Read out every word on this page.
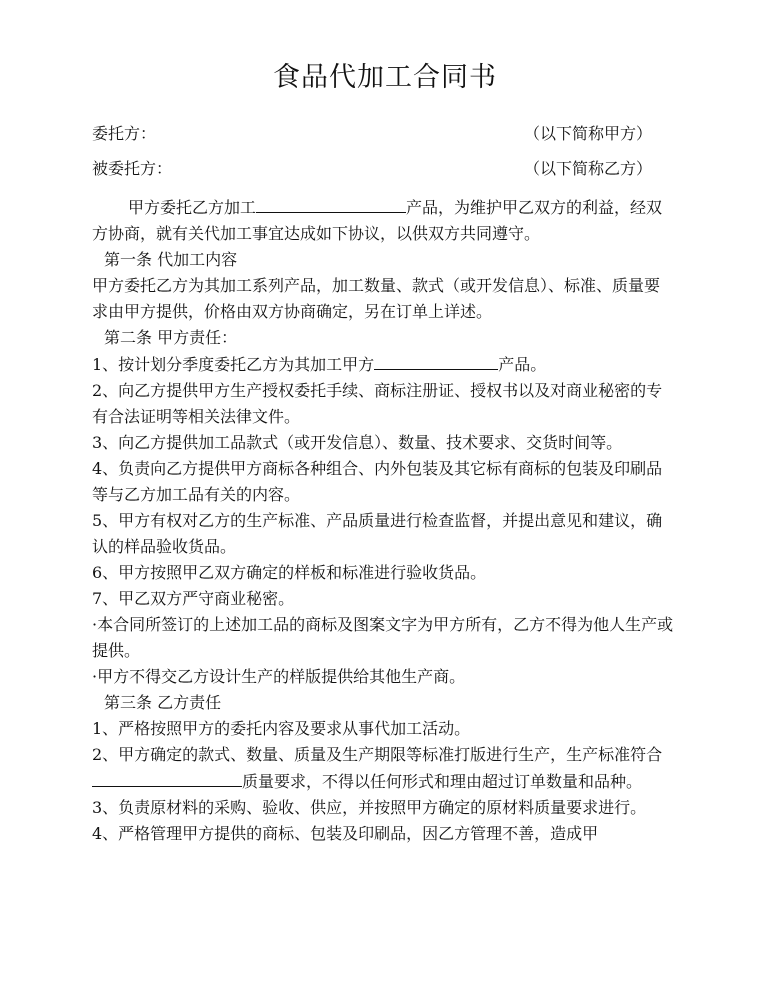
食品代加工合同书
委托方：	（以下简称甲方）
被委托方：	（以下简称乙方）

甲方委托乙方加工	产品，为维护甲乙双方的利益，经双方协商，就有关代加工事宜达成如下协议，以供双方共同遵守。

第一条 代加工内容

甲方委托乙方为其加工系列产品，加工数量、款式（或开发信息）、标准、质量要求由甲方提供，价格由双方协商确定，另在订单上详述。

第二条 甲方责任：

1、按计划分季度委托乙方为其加工甲方	产品。

2、向乙方提供甲方生产授权委托手续、商标注册证、授权书以及对商业秘密的专有合法证明等相关法律文件。

3、向乙方提供加工品款式（或开发信息）、数量、技术要求、交货时间等。

4、负责向乙方提供甲方商标各种组合、内外包装及其它标有商标的包装及印刷品等与乙方加工品有关的内容。

5、甲方有权对乙方的生产标准、产品质量进行检查监督，并提出意见和建议，确认的样品验收货品。

6、甲方按照甲乙双方确定的样板和标准进行验收货品。

7、甲乙双方严守商业秘密。

·本合同所签订的上述加工品的商标及图案文字为甲方所有，乙方不得为他人生产或提供。

·甲方不得交乙方设计生产的样版提供给其他生产商。

第三条 乙方责任

1、严格按照甲方的委托内容及要求从事代加工活动。

2、甲方确定的款式、数量、质量及生产期限等标准打版进行生产，生产标准符合质量要求，不得以任何形式和理由超过订单数量和品种。

3、负责原材料的采购、验收、供应，并按照甲方确定的原材料质量要求进行。

4、严格管理甲方提供的商标、包装及印刷品，因乙方管理不善，造成甲
